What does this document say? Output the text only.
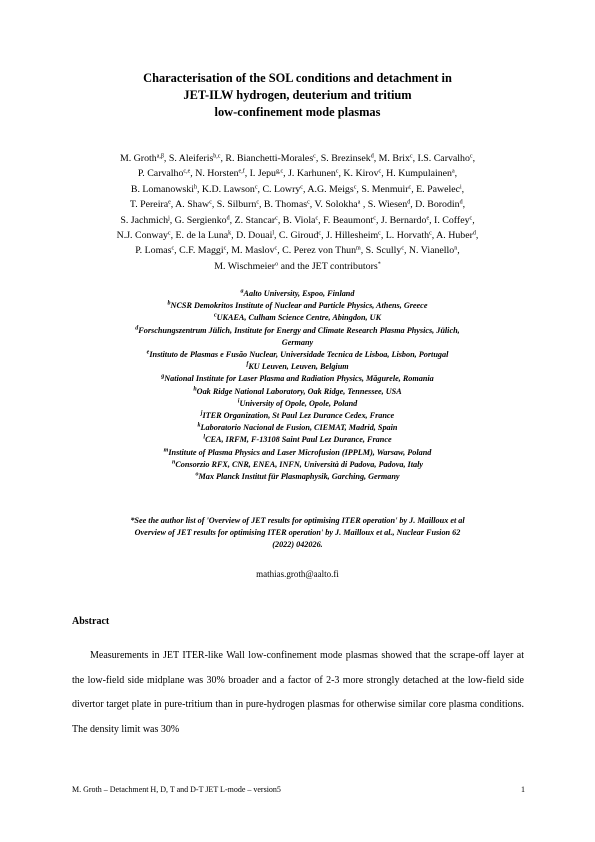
Characterisation of the SOL conditions and detachment in
JET-ILW hydrogen, deuterium and tritium
low-confinement mode plasmas
M. Groth$^{a,\beta}$, S. Aleiferis$^{b,c}$, R. Bianchetti-Morales$^c$, S. Brezinsek$^d$, M. Brix$^c$, I.S. Carvalho$^c$,
P. Carvalho$^{c,e}$, N. Horsten$^{e,f}$, I. Jepu$^{g,c}$, J. Karhunen$^c$, K. Kirov$^c$, H. Kumpulainen$^a$,
B. Lomanowski$^h$, K.D. Lawson$^c$, C. Lowry$^c$, A.G. Meigs$^c$, S. Menmuir$^c$, E. Pawelec$^i$,
T. Pereira$^e$, A. Shaw$^c$, S. Silburn$^c$, B. Thomas$^c$, V. Solokha$^a$ , S. Wiesen$^d$, D. Borodin$^d$,
S. Jachmich$^j$, G. Sergienko$^d$, Z. Stancar$^c$, B. Viola$^c$, F. Beaumont$^c$, J. Bernardo$^e$, I. Coffey$^c$,
N.J. Conway$^c$, E. de la Luna$^k$, D. Douai$^l$, C. Giroud$^c$, J. Hillesheim$^c$, L. Horvath$^c$, A. Huber$^d$,
P. Lomas$^c$, C.F. Maggi$^c$, M. Maslov$^c$, C. Perez von Thun$^m$, S. Scully$^c$, N. Vianello$^n$,
M. Wischmeier$^o$ and the JET contributors*
$^a$Aalto University, Espoo, Finland
$^b$NCSR Demokritos Institute of Nuclear and Particle Physics, Athens, Greece
$^c$UKAEA, Culham Science Centre, Abingdon, UK
$^d$Forschungszentrum Jülich, Institute for Energy and Climate Research Plasma Physics, Jülich,
Germany
$^e$Instituto de Plasmas e Fusão Nuclear, Universidade Tecnica de Lisboa, Lisbon, Portugal
$^f$KU Leuven, Leuven, Belgium
$^g$National Institute for Laser Plasma and Radiation Physics, Măgurele, Romania
$^h$Oak Ridge National Laboratory, Oak Ridge, Tennessee, USA
$^i$University of Opole, Opole, Poland
$^j$ITER Organization, St Paul Lez Durance Cedex, France
$^k$Laboratorio Nacional de Fusion, CIEMAT, Madrid, Spain
$^l$CEA, IRFM, F-13108 Saint Paul Lez Durance, France
$^m$Institute of Plasma Physics and Laser Microfusion (IPPLM), Warsaw, Poland
$^n$Consorzio RFX, CNR, ENEA, INFN, Università di Padova, Padova, Italy
$^o$Max Planck Institut für Plasmaphysik, Garching, Germany
*See the author list of 'Overview of JET results for optimising ITER operation' by J. Mailloux et al
Overview of JET results for optimising ITER operation' by J. Mailloux et al., Nuclear Fusion 62
(2022) 042026.
mathias.groth@aalto.fi
Abstract

Measurements in JET ITER-like Wall low-confinement mode plasmas showed that the scrape-off layer at the low-field side midplane was 30% broader and a factor of 2-3 more strongly detached at the low-field side divertor target plate in pure-tritium than in pure-hydrogen plasmas for otherwise similar core plasma conditions. The density limit was 30%

M. Groth – Detachment H, D, T and D-T JET L-mode – version5	1
